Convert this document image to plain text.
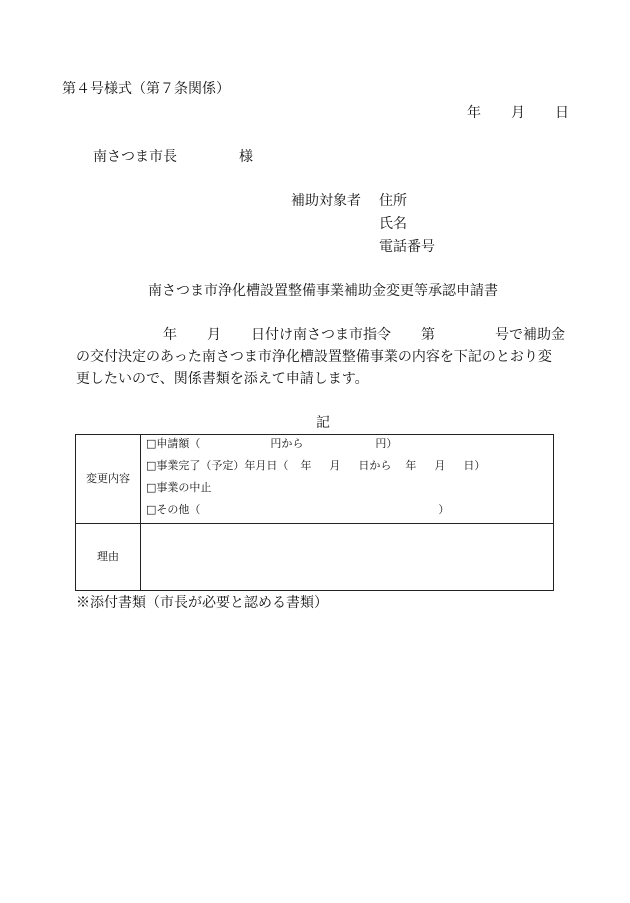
第４号様式（第７条関係）
年 月 日
南さつま市長	様
補助対象者 住所
氏名
電話番号
南さつま市浄化槽設置整備事業補助金変更等承認申請書
年 月 日付け南さつま市指令 第	号で補助金
の交付決定のあった南さつま市浄化槽設置整備事業の内容を下記のとおり変
更したいので、関係書類を添えて申請します。
記
変更内容	□申請額（ 円から 円）
□事業完了（予定）年月日（ 年 月 日から 年 月 日）
□事業の中止
□その他（ ）

理由	
※添付書類（市長が必要と認める書類）
